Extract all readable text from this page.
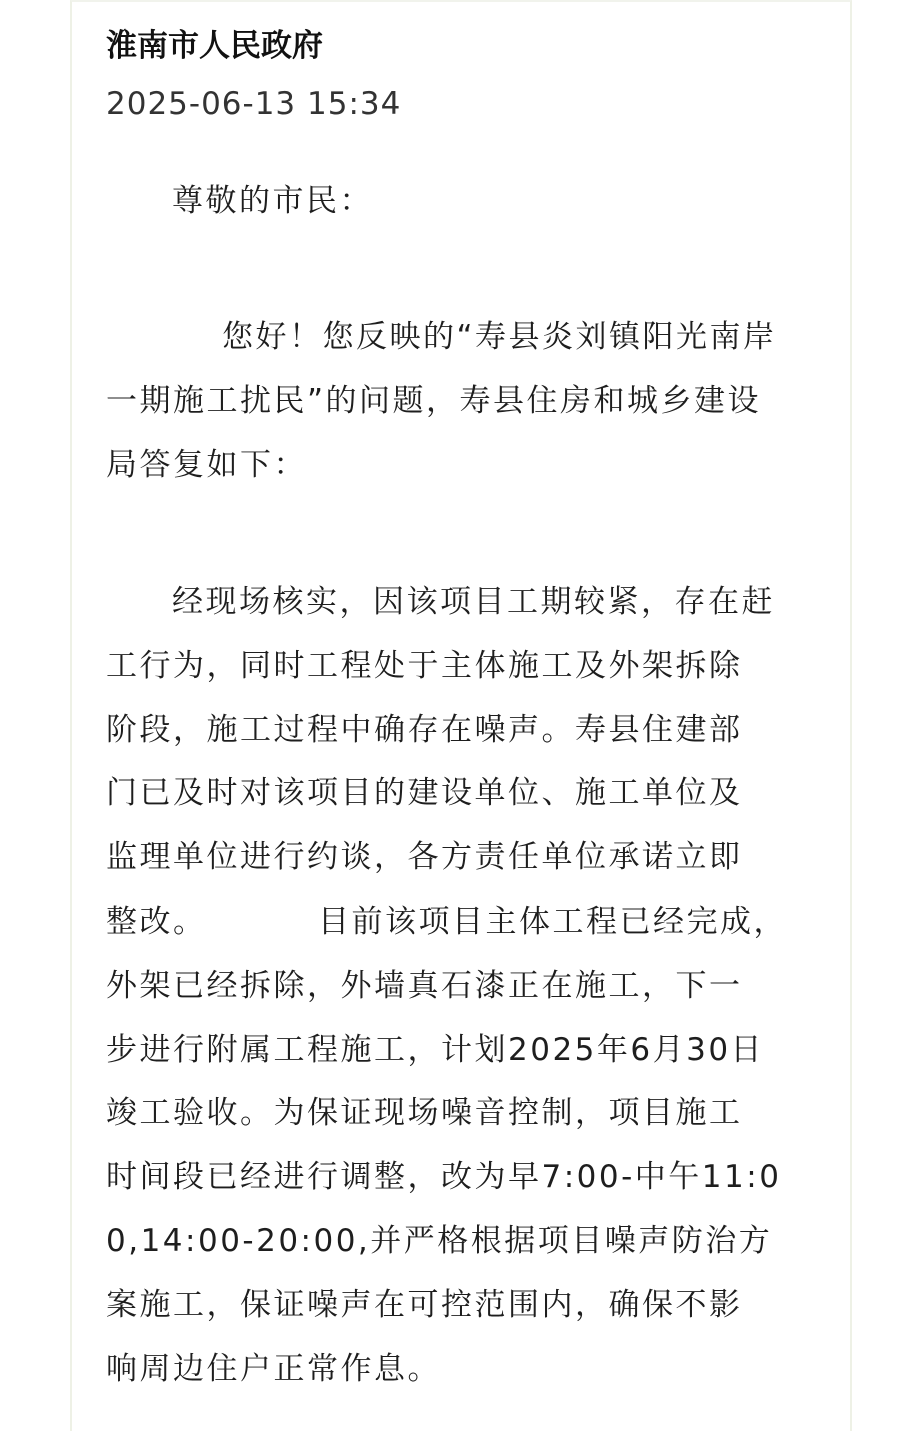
淮南市人民政府
2025-06-13 15:34
尊敬的市民：
您好！您反映的“寿县炎刘镇阳光南岸
一期施工扰民”的问题，寿县住房和城乡建设
局答复如下：
经现场核实，因该项目工期较紧，存在赶
工行为，同时工程处于主体施工及外架拆除
阶段，施工过程中确存在噪声。寿县住建部
门已及时对该项目的建设单位、施工单位及
监理单位进行约谈，各方责任单位承诺立即
整改。	目前该项目主体工程已经完成，
外架已经拆除，外墙真石漆正在施工，下一
步进行附属工程施工，计划2025年6月30日
竣工验收。为保证现场噪音控制，项目施工
时间段已经进行调整，改为早7:00-中午11:0
0,14:00-20:00,并严格根据项目噪声防治方
案施工，保证噪声在可控范围内，确保不影
响周边住户正常作息。
